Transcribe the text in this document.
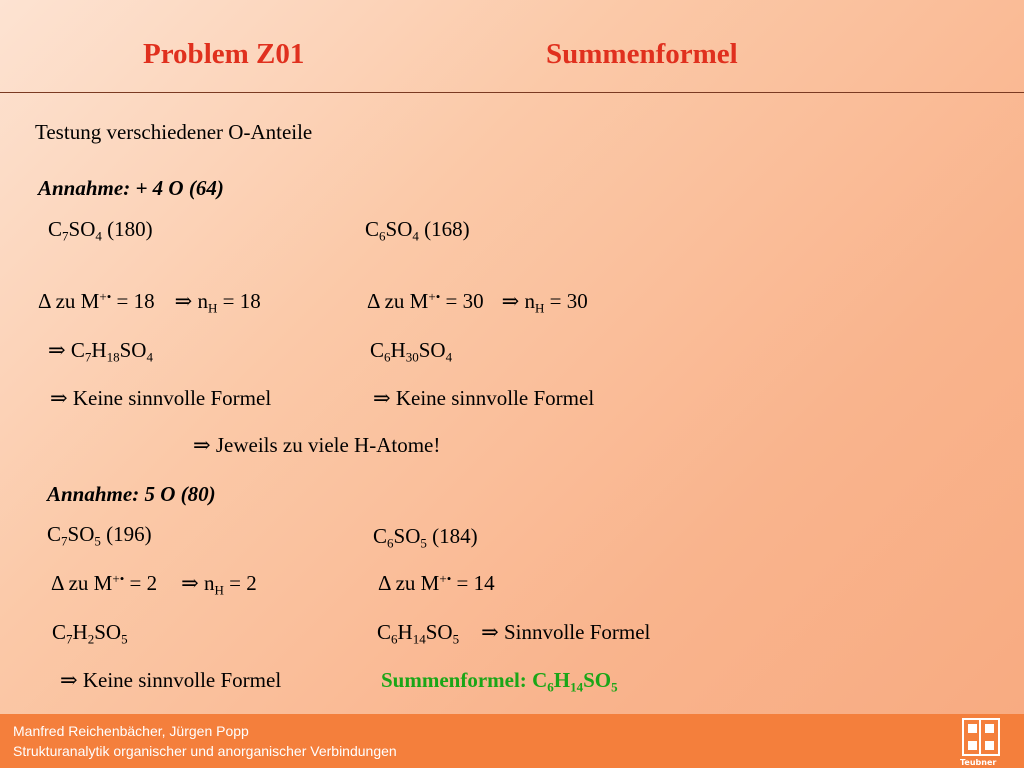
Problem Z01	Summenformel
Testung verschiedener O-Anteile
Annahme: + 4 O (64)
$C_7SO_4$ (180)	$C_6SO_4$ (168)
Δ zu M+• = 18 ⇒ $n_H = 18$	Δ zu M+• = 30 ⇒ $n_H = 30$
⇒ $C_7H_{18}SO_4$	$C_6H_{30}SO_4$
⇒ Keine sinnvolle Formel	⇒ Keine sinnvolle Formel
⇒ Jeweils zu viele H-Atome!
Annahme: 5 O (80)
$C_7SO_5$ (196)	$C_6SO_5$ (184)
Δ zu M+• = 2 ⇒ $n_H = 2$	Δ zu M+• = 14
$C_7H_2SO_5$	$C_6H_{14}SO_5$ ⇒ Sinnvolle Formel
⇒ Keine sinnvolle Formel	Summenformel: $C_6H_{14}SO_5$
Manfred Reichenbächer, Jürgen Popp
Strukturanalytik organischer und anorganischer Verbindungen
Teubner
